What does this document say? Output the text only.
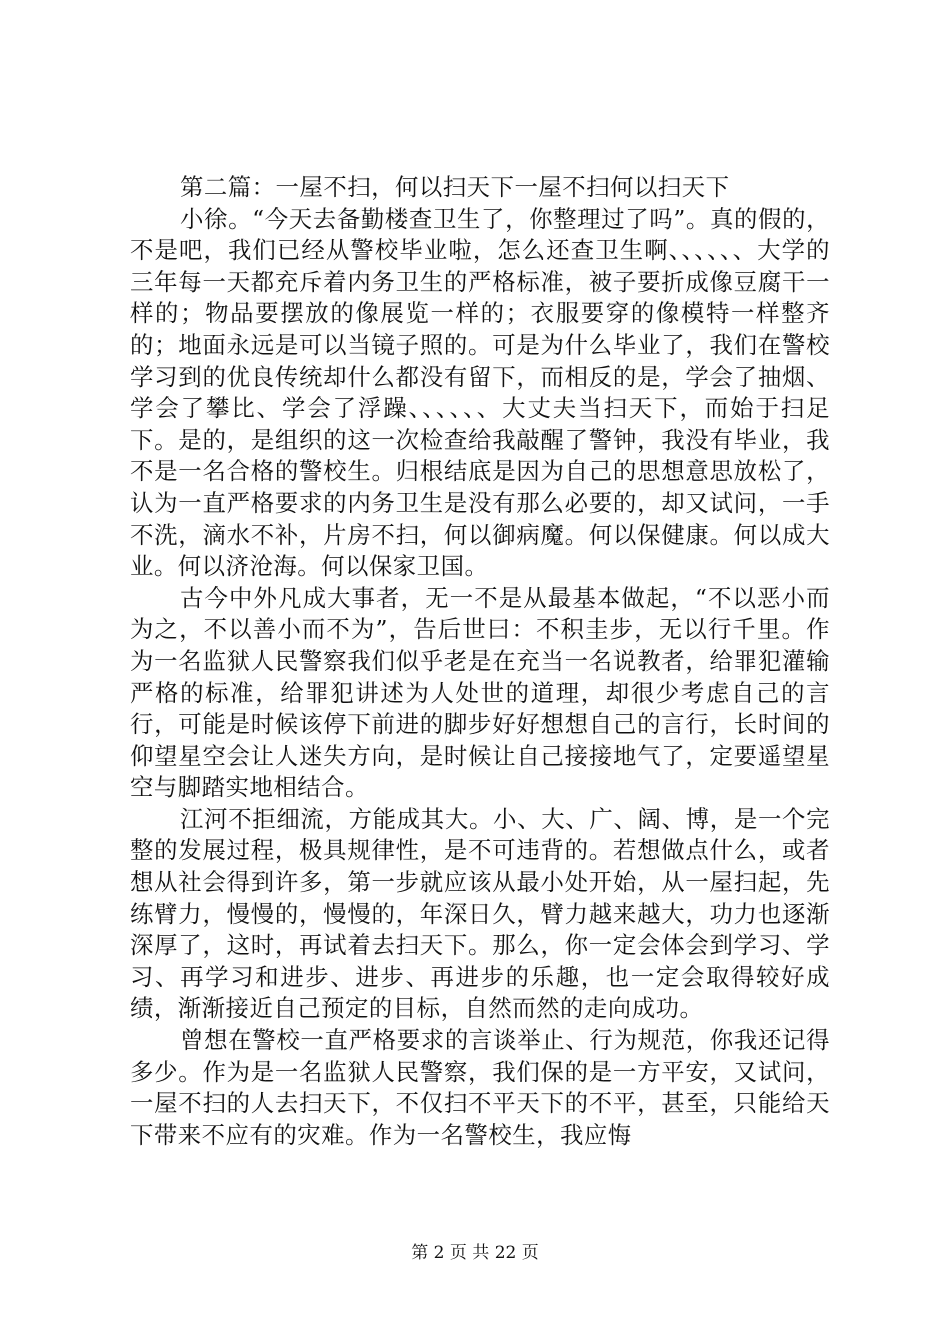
第二篇：一屋不扫，何以扫天下一屋不扫何以扫天下

小徐。“今天去备勤楼查卫生了，你整理过了吗”。真的假的，不是吧，我们已经从警校毕业啦，怎么还查卫生啊、、、、、、大学的三年每一天都充斥着内务卫生的严格标准，被子要折成像豆腐干一样的；物品要摆放的像展览一样的；衣服要穿的像模特一样整齐的；地面永远是可以当镜子照的。可是为什么毕业了，我们在警校学习到的优良传统却什么都没有留下，而相反的是，学会了抽烟、学会了攀比、学会了浮躁、、、、、、大丈夫当扫天下，而始于扫足下。是的，是组织的这一次检查给我敲醒了警钟，我没有毕业，我不是一名合格的警校生。归根结底是因为自己的思想意思放松了，认为一直严格要求的内务卫生是没有那么必要的，却又试问，一手不洗，滴水不补，片房不扫，何以御病魔。何以保健康。何以成大业。何以济沧海。何以保家卫国。

古今中外凡成大事者，无一不是从最基本做起，“不以恶小而为之，不以善小而不为”，告后世曰：不积圭步，无以行千里。作为一名监狱人民警察我们似乎老是在充当一名说教者，给罪犯灌输严格的标准，给罪犯讲述为人处世的道理，却很少考虑自己的言行，可能是时候该停下前进的脚步好好想想自己的言行，长时间的仰望星空会让人迷失方向，是时候让自己接接地气了，定要遥望星空与脚踏实地相结合。

江河不拒细流，方能成其大。小、大、广、阔、博，是一个完整的发展过程，极具规律性，是不可违背的。若想做点什么，或者想从社会得到许多，第一步就应该从最小处开始，从一屋扫起，先练臂力，慢慢的，慢慢的，年深日久，臂力越来越大，功力也逐渐深厚了，这时，再试着去扫天下。那么，你一定会体会到学习、学习、再学习和进步、进步、再进步的乐趣，也一定会取得较好成绩，渐渐接近自己预定的目标，自然而然的走向成功。

曾想在警校一直严格要求的言谈举止、行为规范，你我还记得多少。作为是一名监狱人民警察，我们保的是一方平安，又试问，一屋不扫的人去扫天下，不仅扫不平天下的不平，甚至，只能给天下带来不应有的灾难。作为一名警校生，我应悔

第 2 页 共 22 页
